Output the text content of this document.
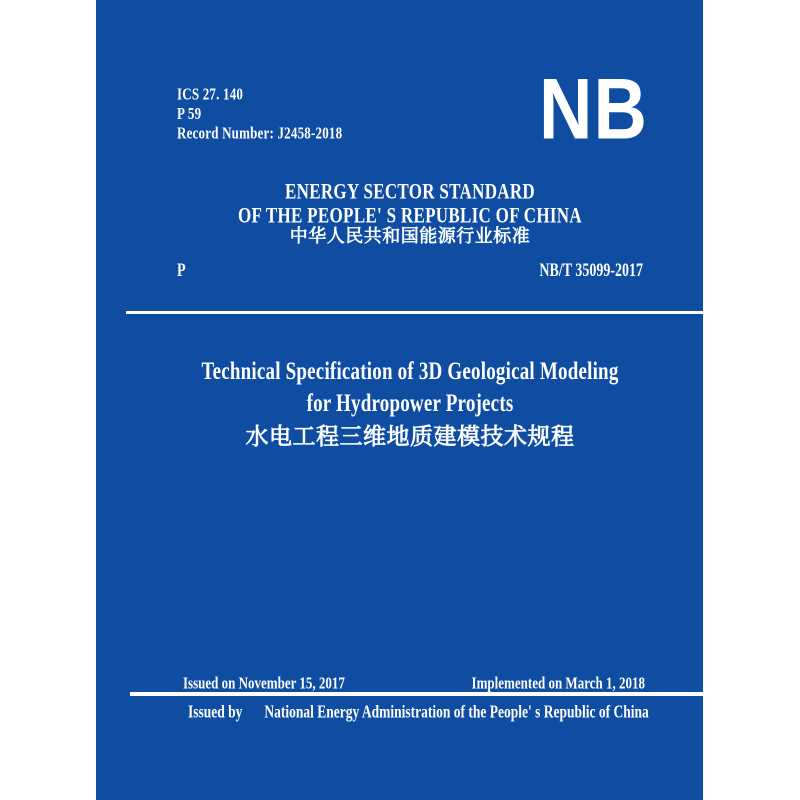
ICS 27. 140
P 59
Record Number: J2458-2018	NB
ENERGY SECTOR STANDARD
OF THE PEOPLE' S REPUBLIC OF CHINA
中华人民共和国能源行业标准
P	NB/T 35099-2017
Technical Specification of 3D Geological Modeling
for Hydropower Projects
水电工程三维地质建模技术规程
Issued on November 15, 2017	Implemented on March 1, 2018
Issued by National Energy Administration of the People' s Republic of China
